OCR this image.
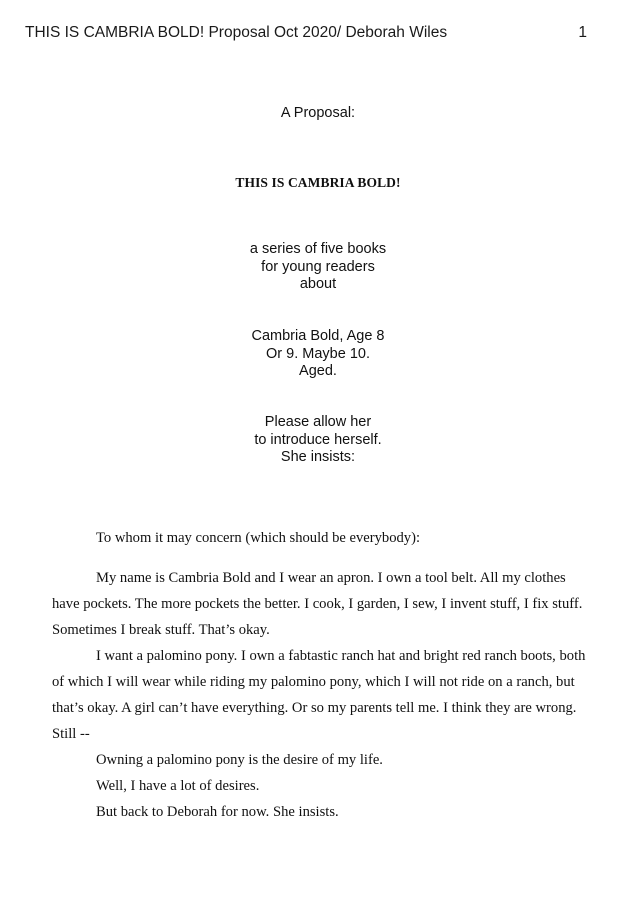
THIS IS CAMBRIA BOLD! Proposal Oct 2020/ Deborah Wiles	1
A Proposal:
THIS IS CAMBRIA BOLD!
a series of five books
for young readers
about
Cambria Bold, Age 8
Or 9. Maybe 10.
Aged.
Please allow her
to introduce herself.
She insists:
To whom it may concern (which should be everybody):

My name is Cambria Bold and I wear an apron. I own a tool belt. All my clothes have pockets. The more pockets the better. I cook, I garden, I sew, I invent stuff, I fix stuff. Sometimes I break stuff. That’s okay.

I want a palomino pony. I own a fabtastic ranch hat and bright red ranch boots, both of which I will wear while riding my palomino pony, which I will not ride on a ranch, but that’s okay. A girl can’t have everything. Or so my parents tell me. I think they are wrong. Still --

Owning a palomino pony is the desire of my life.

Well, I have a lot of desires.

But back to Deborah for now. She insists.
